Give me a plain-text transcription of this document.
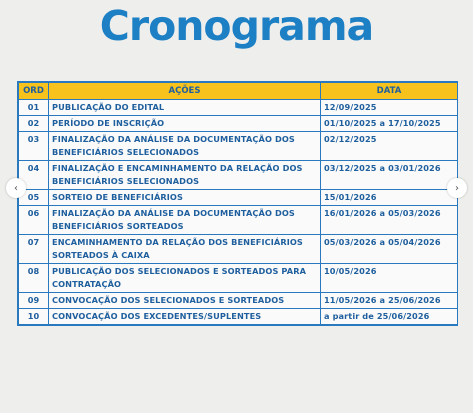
Cronograma
ORD	AÇÕES	DATA
01	PUBLICAÇÃO DO EDITAL	12/09/2025
02	PERÍODO DE INSCRIÇÃO	01/10/2025 a 17/10/2025
03	FINALIZAÇÃO DA ANÁLISE DA DOCUMENTAÇÃO DOS BENEFICIÁRIOS SELECIONADOS	02/12/2025
04	FINALIZAÇÃO E ENCAMINHAMENTO DA RELAÇÃO DOS BENEFICIÁRIOS SELECIONADOS	03/12/2025 a 03/01/2026
05	SORTEIO DE BENEFICIÁRIOS	15/01/2026
06	FINALIZAÇÃO DA ANÁLISE DA DOCUMENTAÇÃO DOS BENEFICIÁRIOS SORTEADOS	16/01/2026 a 05/03/2026
07	ENCAMINHAMENTO DA RELAÇÃO DOS BENEFICIÁRIOS SORTEADOS À CAIXA	05/03/2026 a 05/04/2026
08	PUBLICAÇÃO DOS SELECIONADOS E SORTEADOS PARA CONTRATAÇÃO	10/05/2026
09	CONVOCAÇÃO DOS SELECIONADOS E SORTEADOS	11/05/2026 a 25/06/2026
10	CONVOCAÇÃO DOS EXCEDENTES/SUPLENTES	a partir de 25/06/2026
‹	›
